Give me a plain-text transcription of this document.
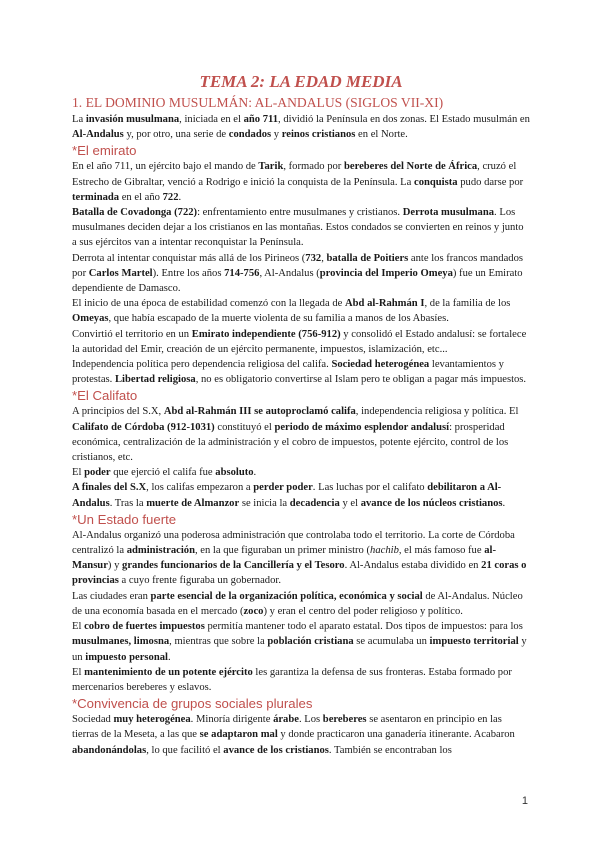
TEMA 2: LA EDAD MEDIA
1. EL DOMINIO MUSULMÁN: AL-ANDALUS (SIGLOS VII-XI)

La invasión musulmana, iniciada en el año 711, dividió la Península en dos zonas. El Estado musulmán en Al-Andalus y, por otro, una serie de condados y reinos cristianos en el Norte.

*El emirato

En el año 711, un ejército bajo el mando de Tarik, formado por bereberes del Norte de África, cruzó el Estrecho de Gibraltar, venció a Rodrigo e inició la conquista de la Península. La conquista pudo darse por terminada en el año 722.

Batalla de Covadonga (722): enfrentamiento entre musulmanes y cristianos. Derrota musulmana. Los musulmanes deciden dejar a los cristianos en las montañas. Estos condados se convierten en reinos y junto a sus ejércitos van a intentar reconquistar la Península.

Derrota al intentar conquistar más allá de los Pirineos (732, batalla de Poitiers ante los francos mandados por Carlos Martel). Entre los años 714-756, Al-Andalus (provincia del Imperio Omeya) fue un Emirato dependiente de Damasco.

El inicio de una época de estabilidad comenzó con la llegada de Abd al-Rahmán I, de la familia de los Omeyas, que había escapado de la muerte violenta de su familia a manos de los Abasíes.

Convirtió el territorio en un Emirato independiente (756-912) y consolidó el Estado andalusí: se fortalece la autoridad del Emir, creación de un ejército permanente, impuestos, islamización, etc...

Independencia política pero dependencia religiosa del califa. Sociedad heterogénea levantamientos y protestas. Libertad religiosa, no es obligatorio convertirse al Islam pero te obligan a pagar más impuestos.

*El Califato

A principios del S.X, Abd al-Rahmán III se autoproclamó califa, independencia religiosa y política. El Califato de Córdoba (912-1031) constituyó el periodo de máximo esplendor andalusí: prosperidad económica, centralización de la administración y el cobro de impuestos, potente ejército, control de los cristianos, etc.

El poder que ejerció el califa fue absoluto.

A finales del S.X, los califas empezaron a perder poder. Las luchas por el califato debilitaron a Al-Andalus. Tras la muerte de Almanzor se inicia la decadencia y el avance de los núcleos cristianos.

*Un Estado fuerte

Al-Andalus organizó una poderosa administración que controlaba todo el territorio. La corte de Córdoba centralizó la administración, en la que figuraban un primer ministro (hachib, el más famoso fue al-Mansur) y grandes funcionarios de la Cancillería y el Tesoro. Al-Andalus estaba dividido en 21 coras o provincias a cuyo frente figuraba un gobernador.

Las ciudades eran parte esencial de la organización política, económica y social de Al-Andalus. Núcleo de una economía basada en el mercado (zoco) y eran el centro del poder religioso y político.

El cobro de fuertes impuestos permitía mantener todo el aparato estatal. Dos tipos de impuestos: para los musulmanes, limosna, mientras que sobre la población cristiana se acumulaba un impuesto territorial y un impuesto personal.

El mantenimiento de un potente ejército les garantiza la defensa de sus fronteras. Estaba formado por mercenarios bereberes y eslavos.

*Convivencia de grupos sociales plurales

Sociedad muy heterogénea. Minoría dirigente árabe. Los bereberes se asentaron en principio en las tierras de la Meseta, a las que se adaptaron mal y donde practicaron una ganadería itinerante. Acabaron abandonándolas, lo que facilitó el avance de los cristianos. También se encontraban los

1
